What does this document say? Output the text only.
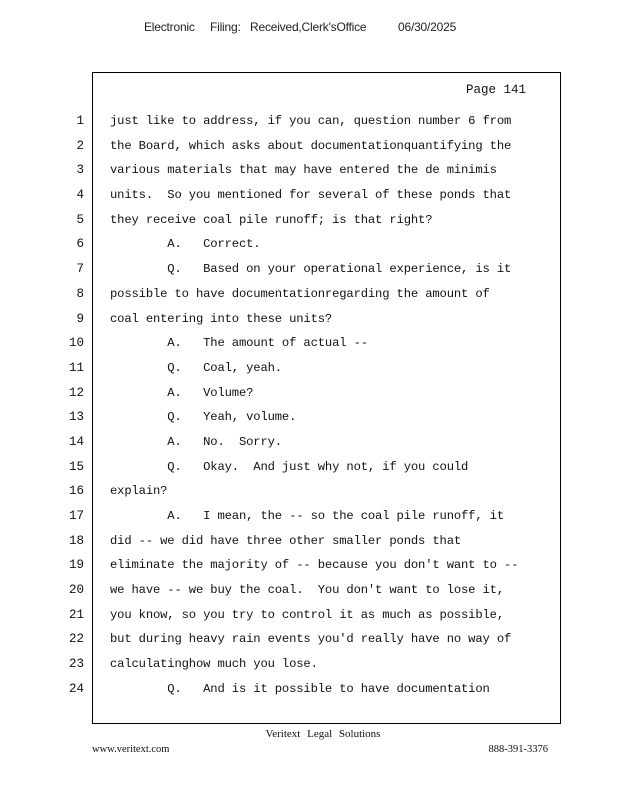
Electronic Filing: Received,Clerk'sOffice	06/30/2025
Page 141
1
2
3
4
5
6
7
8
9
10
11
12
13
14
15
16
17
18
19
20
21
22
23
24
just like to address, if you can, question number 6 from
the Board, which asks about documentationquantifying the
various materials that may have entered the de minimis
units.  So you mentioned for several of these ponds that
they receive coal pile runoff; is that right?
A.   Correct.
Q.   Based on your operational experience, is it
possible to have documentationregarding the amount of
coal entering into these units?
A.   The amount of actual --
Q.   Coal, yeah.
A.   Volume?
Q.   Yeah, volume.
A.   No.  Sorry.
Q.   Okay.  And just why not, if you could
explain?
A.   I mean, the -- so the coal pile runoff, it
did -- we did have three other smaller ponds that
eliminate the majority of -- because you don't want to --
we have -- we buy the coal.  You don't want to lose it,
you know, so you try to control it as much as possible,
but during heavy rain events you'd really have no way of
calculatinghow much you lose.
Q.   And is it possible to have documentation
Veritext Legal Solutions
www.veritext.com	888-391-3376
